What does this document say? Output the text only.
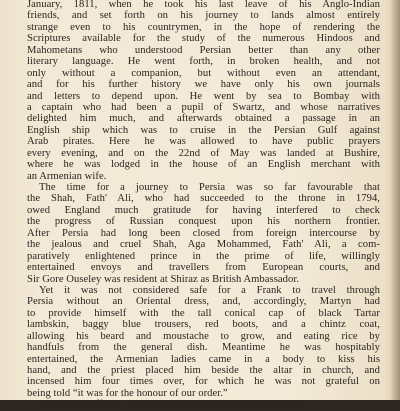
January, 1811, when he took his last leave of his Anglo-Indian
friends, and set forth on his journey to lands almost entirely
strange even to his countrymen, in the hope of rendering the
Scriptures available for the study of the numerous Hindoos and
Mahometans who understood Persian better than any other
literary language. He went forth, in broken health, and not
only without a companion, but without even an attendant,
and for his further history we have only his own journals
and letters to depend upon. He went by sea to Bombay with
a captain who had been a pupil of Swartz, and whose narratives
delighted him much, and afterwards obtained a passage in an
English ship which was to cruise in the Persian Gulf against
Arab pirates. Here he was allowed to have public prayers
every evening, and on the 22nd of May was landed at Bushire,
where he was lodged in the house of an English merchant with
an Armenian wife.
The time for a journey to Persia was so far favourable that
the Shah, Fath' Ali, who had succeeded to the throne in 1794,
owed England much gratitude for having interfered to check
the progress of Russian conquest upon his northern frontier.
After Persia had long been closed from foreign intercourse by
the jealous and cruel Shah, Aga Mohammed, Fath' Ali, a com-
paratively enlightened prince in the prime of life, willingly
entertained envoys and travellers from European courts, and
Sir Gore Ouseley was resident at Shiraz as British Ambassador.
Yet it was not considered safe for a Frank to travel through
Persia without an Oriental dress, and, accordingly, Martyn had
to provide himself with the tall conical cap of black Tartar
lambskin, baggy blue trousers, red boots, and a chintz coat,
allowing his beard and moustache to grow, and eating rice by
handfuls from the general dish. Meantime he was hospitably
entertained, the Armenian ladies came in a body to kiss his
hand, and the priest placed him beside the altar in church, and
incensed him four times over, for which he was not grateful on
being told “it was for the honour of our order.”
An English officer joined company with him, and a muleteer
